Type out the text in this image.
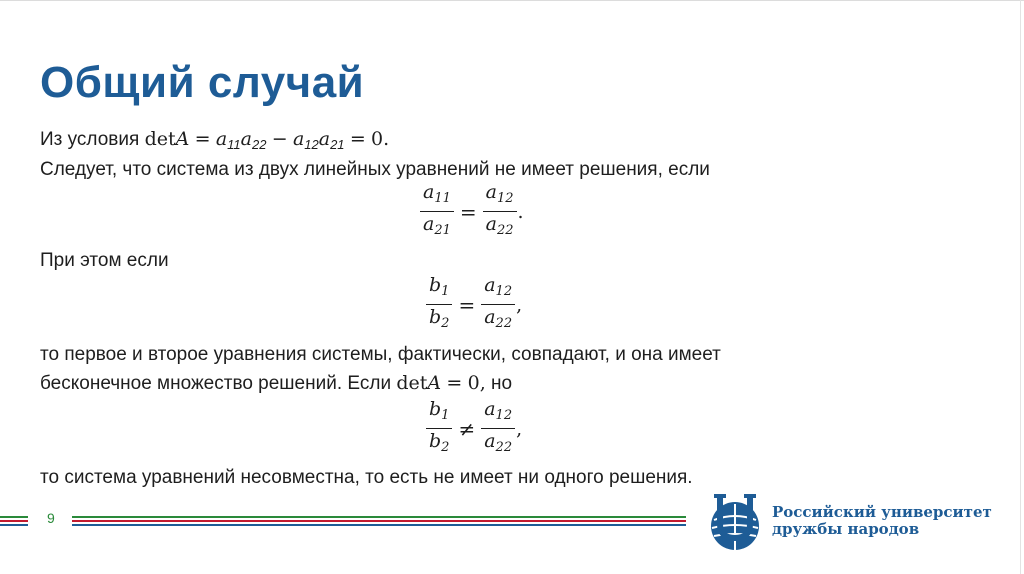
Общий случай
Из условия $\det A = a_{11}a_{22} - a_{12}a_{21} = 0$.
Следует, что система из двух линейных уравнений не имеет решения, если
$\frac{a_{11}}{a_{21}} = \frac{a_{12}}{a_{22}}$ .
При этом если
$\frac{b_1}{b_2} = \frac{a_{12}}{a_{22}}$ ,
то первое и второе уравнения системы, фактически, совпадают, и она имеет
бесконечное множество решений. Если detA = 0, но
$\frac{b_1}{b_2} \ne \frac{a_{12}}{a_{22}}$ ,
то система уравнений несовместна, то есть не имеет ни одного решения.
9	Российский университет
дружбы народов
